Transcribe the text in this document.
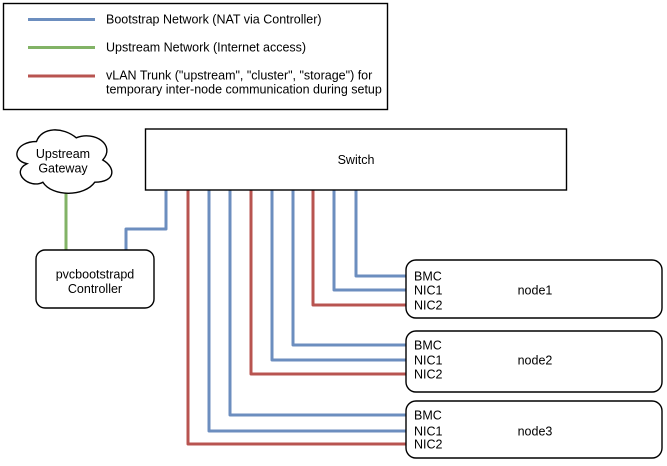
Bootstrap Network (NAT via Controller)
Upstream Network (Internet access)
vLAN Trunk ("upstream", "cluster", "storage") for
temporary inter-node communication during setup
Upstream
Gateway
Switch
pvcbootstrapd
Controller
BMC
NIC1
NIC2
node1
BMC
NIC1
NIC2
node2
BMC
NIC1
NIC2
node3
